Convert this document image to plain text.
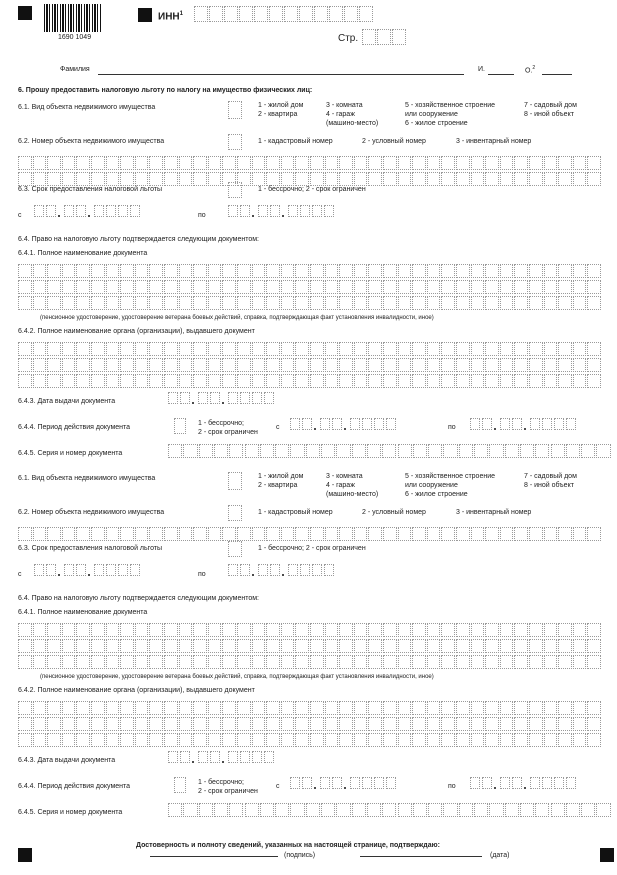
1690 1049
ИНН$^1$
Стр.
Фамилия	И.	О.$^2$
6. Прошу предоставить налоговую льготу по налогу на имущество физических лиц:
6.1. Вид объекта недвижимого имущества	1 - жилой дом
2 - квартира
3 - комната
4 - гараж
(машино-место)
5 - хозяйственное строение
или сооружение
6 - жилое строение
7 - садовый дом
8 - иной объект
6.2. Номер объекта недвижимого имущества	1 - кадастровый номер	2 - условный номер	3 - инвентарный номер
6.3. Срок предоставления налоговой льготы	1 - бессрочно; 2 - срок ограничен
с	по
6.4. Право на налоговую льготу подтверждается следующим документом:
6.4.1. Полное наименование документа
(пенсионное удостоверение, удостоверение ветерана боевых действий, справка, подтверждающая факт установления инвалидности, иное)
6.4.2. Полное наименование органа (организации), выдавшего документ
6.4.3. Дата выдачи документа
6.4.4. Период действия документа
1 - бессрочно;
2 - срок ограничен
с	по
6.4.5. Серия и номер документа
6.1. Вид объекта недвижимого имущества	1 - жилой дом
2 - квартира
3 - комната
4 - гараж
(машино-место)
5 - хозяйственное строение
или сооружение
6 - жилое строение
7 - садовый дом
8 - иной объект
6.2. Номер объекта недвижимого имущества	1 - кадастровый номер	2 - условный номер	3 - инвентарный номер
6.3. Срок предоставления налоговой льготы	1 - бессрочно; 2 - срок ограничен
с	по
6.4. Право на налоговую льготу подтверждается следующим документом:
6.4.1. Полное наименование документа
(пенсионное удостоверение, удостоверение ветерана боевых действий, справка, подтверждающая факт установления инвалидности, иное)
6.4.2. Полное наименование органа (организации), выдавшего документ
6.4.3. Дата выдачи документа
6.4.4. Период действия документа
1 - бессрочно;
2 - срок ограничен
с	по
6.4.5. Серия и номер документа
Достоверность и полноту сведений, указанных на настоящей странице, подтверждаю:
(подпись)	(дата)
